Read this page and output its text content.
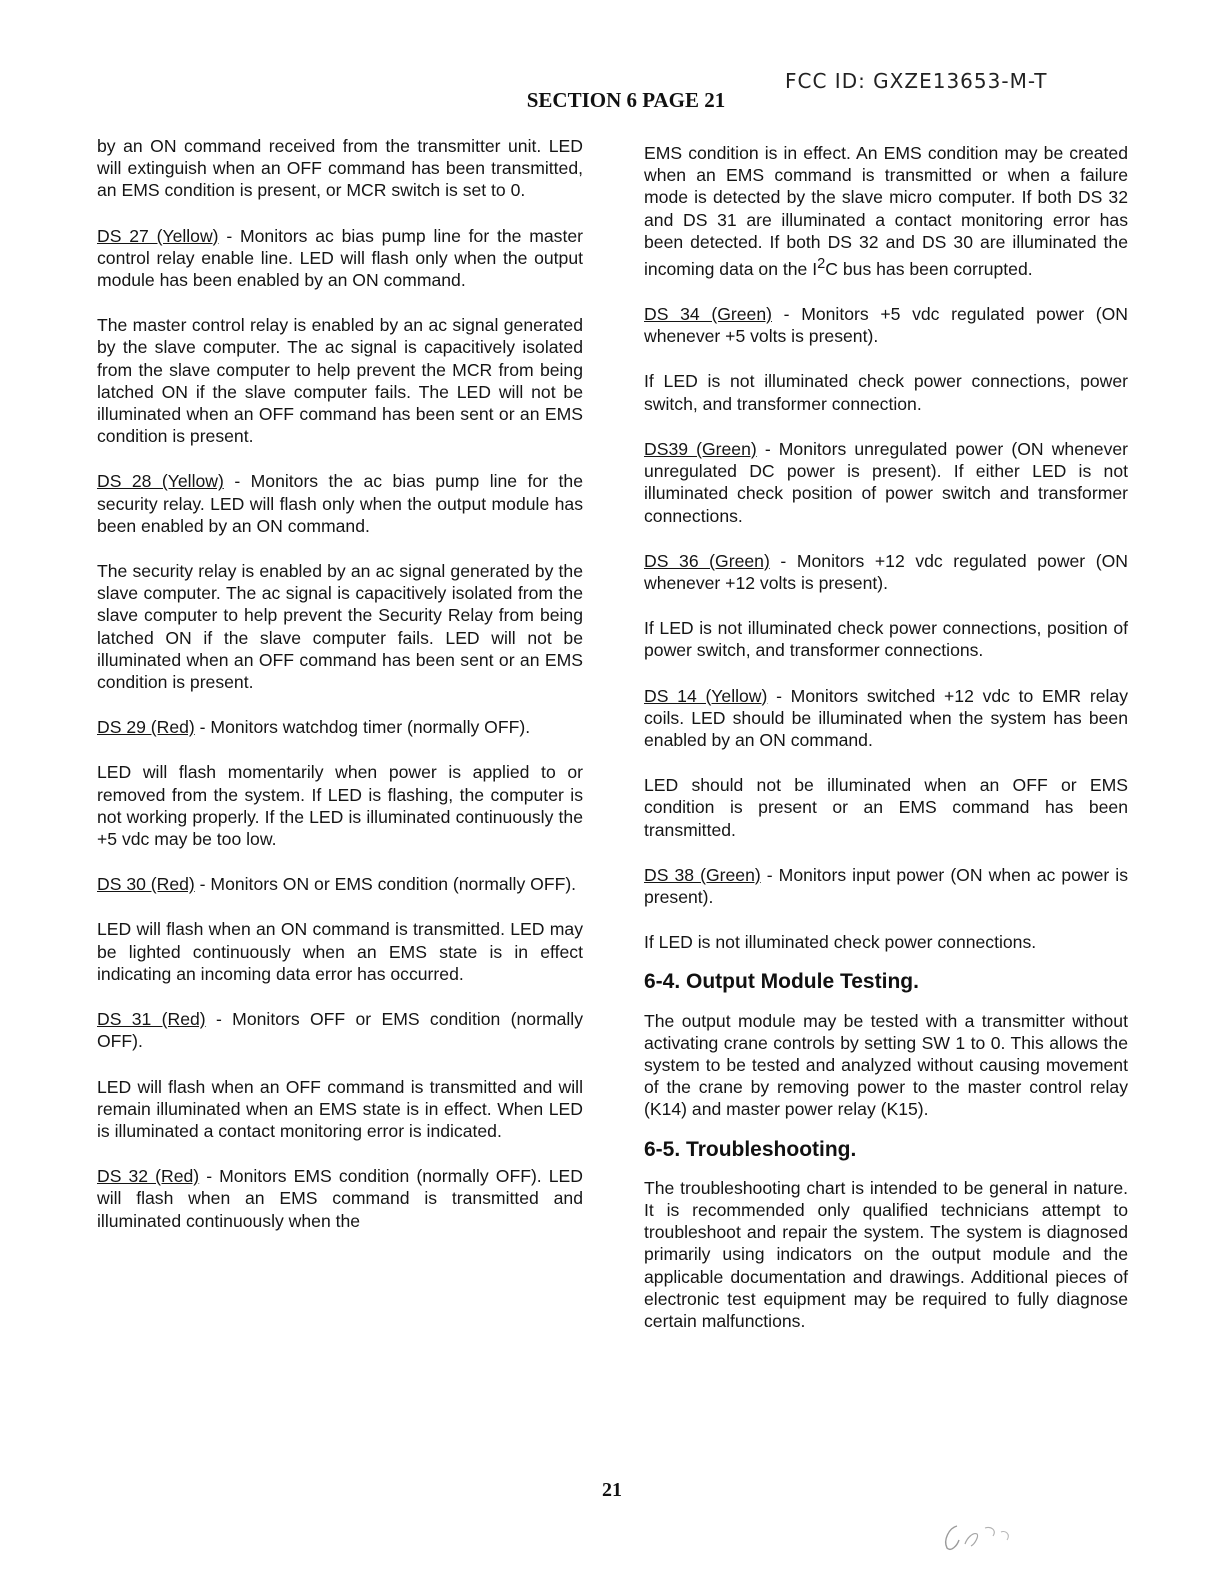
FCC ID: GXZE13653-M-T
SECTION 6 PAGE 21

by an ON command received from the transmitter unit. LED will extinguish when an OFF command has been transmitted, an EMS condition is present, or MCR switch is set to 0.

DS 27 (Yellow) - Monitors ac bias pump line for the master control relay enable line. LED will flash only when the output module has been enabled by an ON command.

The master control relay is enabled by an ac signal generated by the slave computer. The ac signal is capacitively isolated from the slave computer to help prevent the MCR from being latched ON if the slave computer fails. The LED will not be illuminated when an OFF command has been sent or an EMS condition is present.

DS 28 (Yellow) - Monitors the ac bias pump line for the security relay. LED will flash only when the output module has been enabled by an ON command.

The security relay is enabled by an ac signal generated by the slave computer. The ac signal is capacitively isolated from the slave computer to help prevent the Security Relay from being latched ON if the slave computer fails. LED will not be illuminated when an OFF command has been sent or an EMS condition is present.

DS 29 (Red) - Monitors watchdog timer (normally OFF).

LED will flash momentarily when power is applied to or removed from the system. If LED is flashing, the computer is not working properly. If the LED is illuminated continuously the +5 vdc may be too low.

DS 30 (Red) - Monitors ON or EMS condition (normally OFF).

LED will flash when an ON command is transmitted. LED may be lighted continuously when an EMS state is in effect indicating an incoming data error has occurred.

DS 31 (Red) - Monitors OFF or EMS condition (normally OFF).

LED will flash when an OFF command is transmitted and will remain illuminated when an EMS state is in effect. When LED is illuminated a contact monitoring error is indicated.

DS 32 (Red) - Monitors EMS condition (normally OFF). LED will flash when an EMS command is transmitted and illuminated continuously when the

EMS condition is in effect. An EMS condition may be created when an EMS command is transmitted or when a failure mode is detected by the slave micro computer. If both DS 32 and DS 31 are illuminated a contact monitoring error has been detected. If both DS 32 and DS 30 are illuminated the incoming data on the $I^2C$ bus has been corrupted.

DS 34 (Green) - Monitors +5 vdc regulated power (ON whenever +5 volts is present).

If LED is not illuminated check power connections, power switch, and transformer connection.

DS39 (Green) - Monitors unregulated power (ON whenever unregulated DC power is present). If either LED is not illuminated check position of power switch and transformer connections.

DS 36 (Green) - Monitors +12 vdc regulated power (ON whenever +12 volts is present).

If LED is not illuminated check power connections, position of power switch, and transformer connections.

DS 14 (Yellow) - Monitors switched +12 vdc to EMR relay coils. LED should be illuminated when the system has been enabled by an ON command.

LED should not be illuminated when an OFF or EMS condition is present or an EMS command has been transmitted.

DS 38 (Green) - Monitors input power (ON when ac power is present).

If LED is not illuminated check power connections.

6-4. Output Module Testing.

The output module may be tested with a transmitter without activating crane controls by setting SW 1 to 0. This allows the system to be tested and analyzed without causing movement of the crane by removing power to the master control relay (K14) and master power relay (K15).

6-5. Troubleshooting.

The troubleshooting chart is intended to be general in nature. It is recommended only qualified technicians attempt to troubleshoot and repair the system. The system is diagnosed primarily using indicators on the output module and the applicable documentation and drawings. Additional pieces of electronic test equipment may be required to fully diagnose certain malfunctions.

21
